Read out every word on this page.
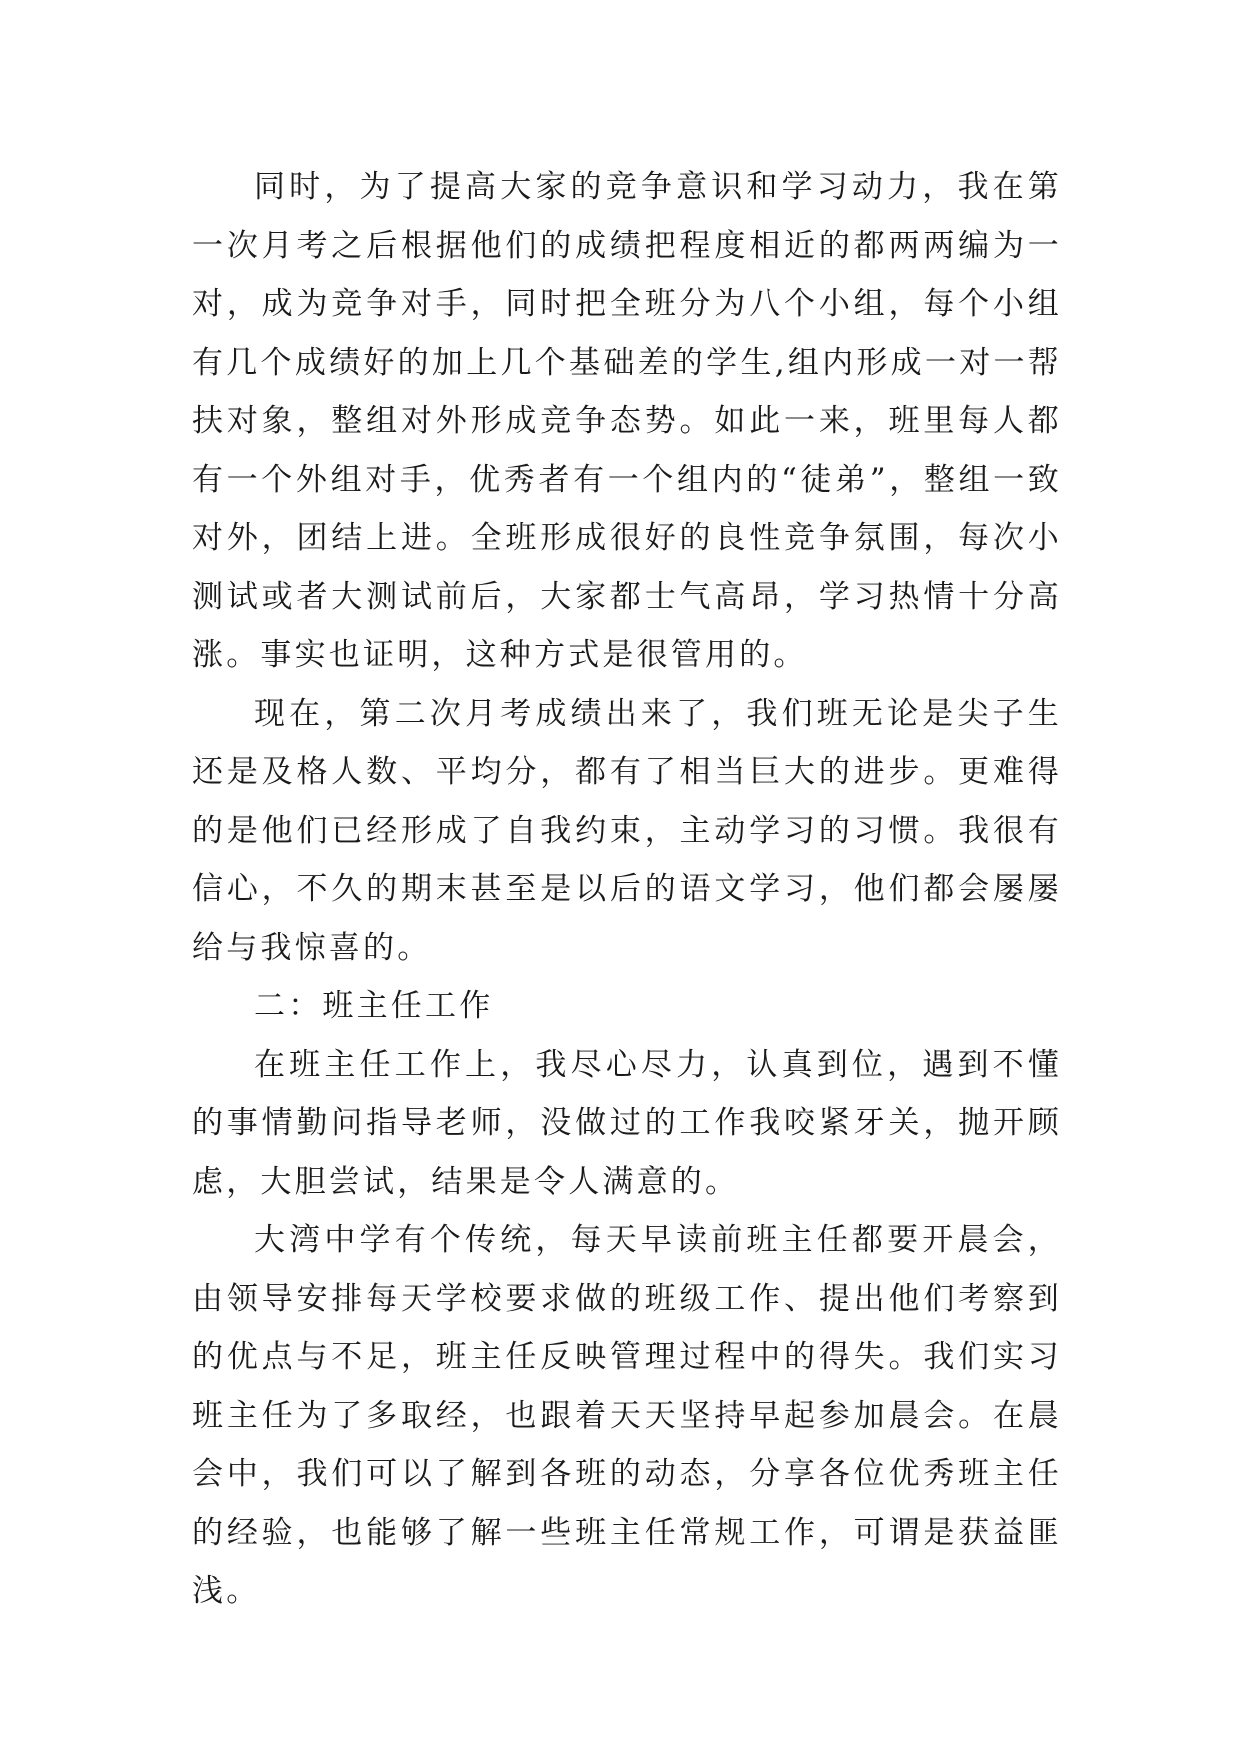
同时，为了提高大家的竞争意识和学习动力，我在第一次月考之后根据他们的成绩把程度相近的都两两编为一对，成为竞争对手，同时把全班分为八个小组，每个小组有几个成绩好的加上几个基础差的学生,组内形成一对一帮扶对象，整组对外形成竞争态势。如此一来，班里每人都有一个外组对手，优秀者有一个组内的“徒弟”，整组一致对外，团结上进。全班形成很好的良性竞争氛围，每次小测试或者大测试前后，大家都士气高昂，学习热情十分高涨。事实也证明，这种方式是很管用的。

现在，第二次月考成绩出来了，我们班无论是尖子生还是及格人数、平均分，都有了相当巨大的进步。更难得的是他们已经形成了自我约束，主动学习的习惯。我很有信心，不久的期末甚至是以后的语文学习，他们都会屡屡给与我惊喜的。

二：班主任工作

在班主任工作上，我尽心尽力，认真到位，遇到不懂的事情勤问指导老师，没做过的工作我咬紧牙关，抛开顾虑，大胆尝试，结果是令人满意的。

大湾中学有个传统，每天早读前班主任都要开晨会，由领导安排每天学校要求做的班级工作、提出他们考察到的优点与不足，班主任反映管理过程中的得失。我们实习班主任为了多取经，也跟着天天坚持早起参加晨会。在晨会中，我们可以了解到各班的动态，分享各位优秀班主任的经验，也能够了解一些班主任常规工作，可谓是获益匪浅。
